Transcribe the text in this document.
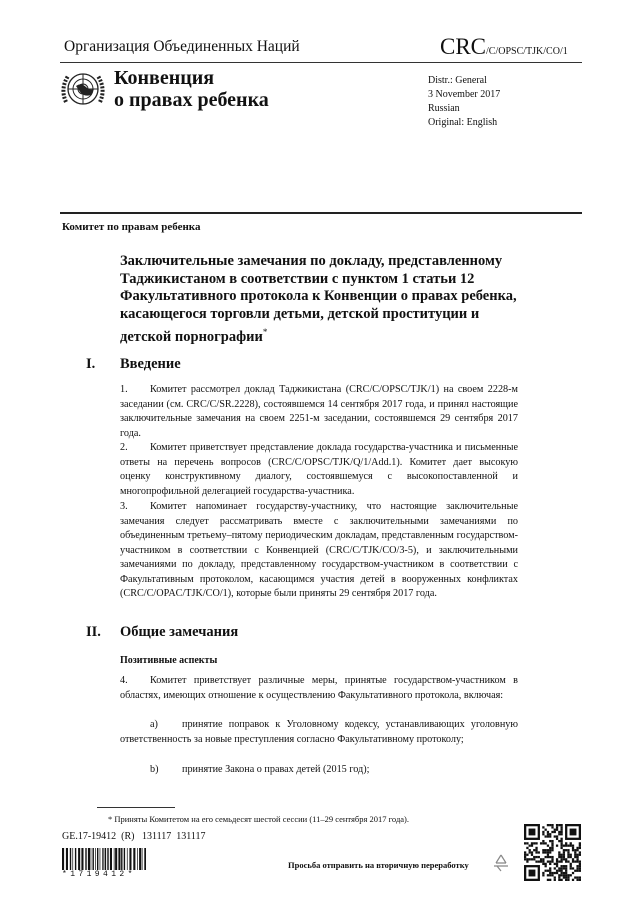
Организация Объединенных Наций	CRC/C/OPSC/TJK/CO/1
Конвенция
о правах ребенка
Distr.: General
3 November 2017
Russian
Original: English
Комитет по правам ребенка
Заключительные замечания по докладу, представленному Таджикистаном в соответствии с пунктом 1 статьи 12 Факультативного протокола к Конвенции о правах ребенка, касающегося торговли детьми, детской проституции и детской порнографии*
I. Введение
1. Комитет рассмотрел доклад Таджикистана (CRC/C/OPSC/TJK/1) на своем 2228-м заседании (см. CRC/C/SR.2228), состоявшемся 14 сентября 2017 года, и принял настоящие заключительные замечания на своем 2251-м заседании, состоявшемся 29 сентября 2017 года.
2. Комитет приветствует представление доклада государства-участника и письменные ответы на перечень вопросов (CRC/C/OPSC/TJK/Q/1/Add.1). Комитет дает высокую оценку конструктивному диалогу, состоявшемуся с высокопоставленной и многопрофильной делегацией государства-участника.
3. Комитет напоминает государству-участнику, что настоящие заключительные замечания следует рассматривать вместе с заключительными замечаниями по объединенным третьему–пятому периодическим докладам, представленным государством-участником в соответствии с Конвенцией (CRC/C/TJK/CO/3-5), и заключительными замечаниями по докладу, представленному государством-участником в соответствии с Факультативным протоколом, касающимся участия детей в вооруженных конфликтах (CRC/C/OPAC/TJK/CO/1), которые были приняты 29 сентября 2017 года.
II. Общие замечания
Позитивные аспекты
4. Комитет приветствует различные меры, принятые государством-участником в областях, имеющих отношение к осуществлению Факультативного протокола, включая:
a) принятие поправок к Уголовному кодексу, устанавливающих уголовную ответственность за новые преступления согласно Факультативному протоколу;
b) принятие Закона о правах детей (2015 год);
* Приняты Комитетом на его семьдесят шестой сессии (11–29 сентября 2017 года).
GE.17-19412  (R)   131117  131117
*1719412*
Просьба отправить на вторичную переработку
